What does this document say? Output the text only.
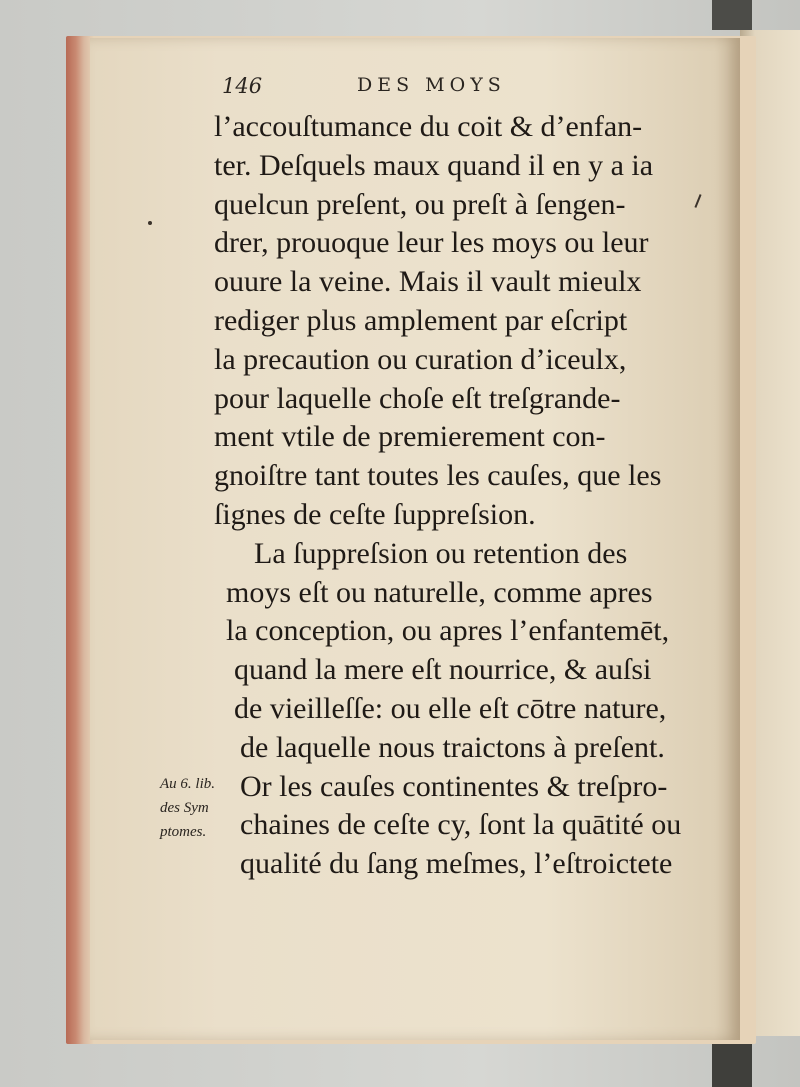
146	DES MOYS
l’accouſtumance du coit & d’enfan-
ter. Deſquels maux quand il en y a ia
quelcun preſent, ou preſt à ſengen-
drer, prouoque leur les moys ou leur
ouure la veine. Mais il vault mieulx
rediger plus amplement par eſcript
la precaution ou curation d’iceulx,
pour laquelle choſe eſt treſgrande-
ment vtile de premierement con-
gnoiſtre tant toutes les cauſes, que les
ſignes de ceſte ſuppreſsion.
La ſuppreſsion ou retention des
moys eſt ou naturelle, comme apres
la conception, ou apres l’enfantemēt,
quand la mere eſt nourrice, & auſsi
de vieilleſſe: ou elle eſt cōtre nature,
de laquelle nous traictons à preſent.
Or les cauſes continentes & treſpro-
chaines de ceſte cy, ſont la quātité ou
qualité du ſang meſmes, l’eſtroictete
Au 6. lib.
des Sym
ptomes.
